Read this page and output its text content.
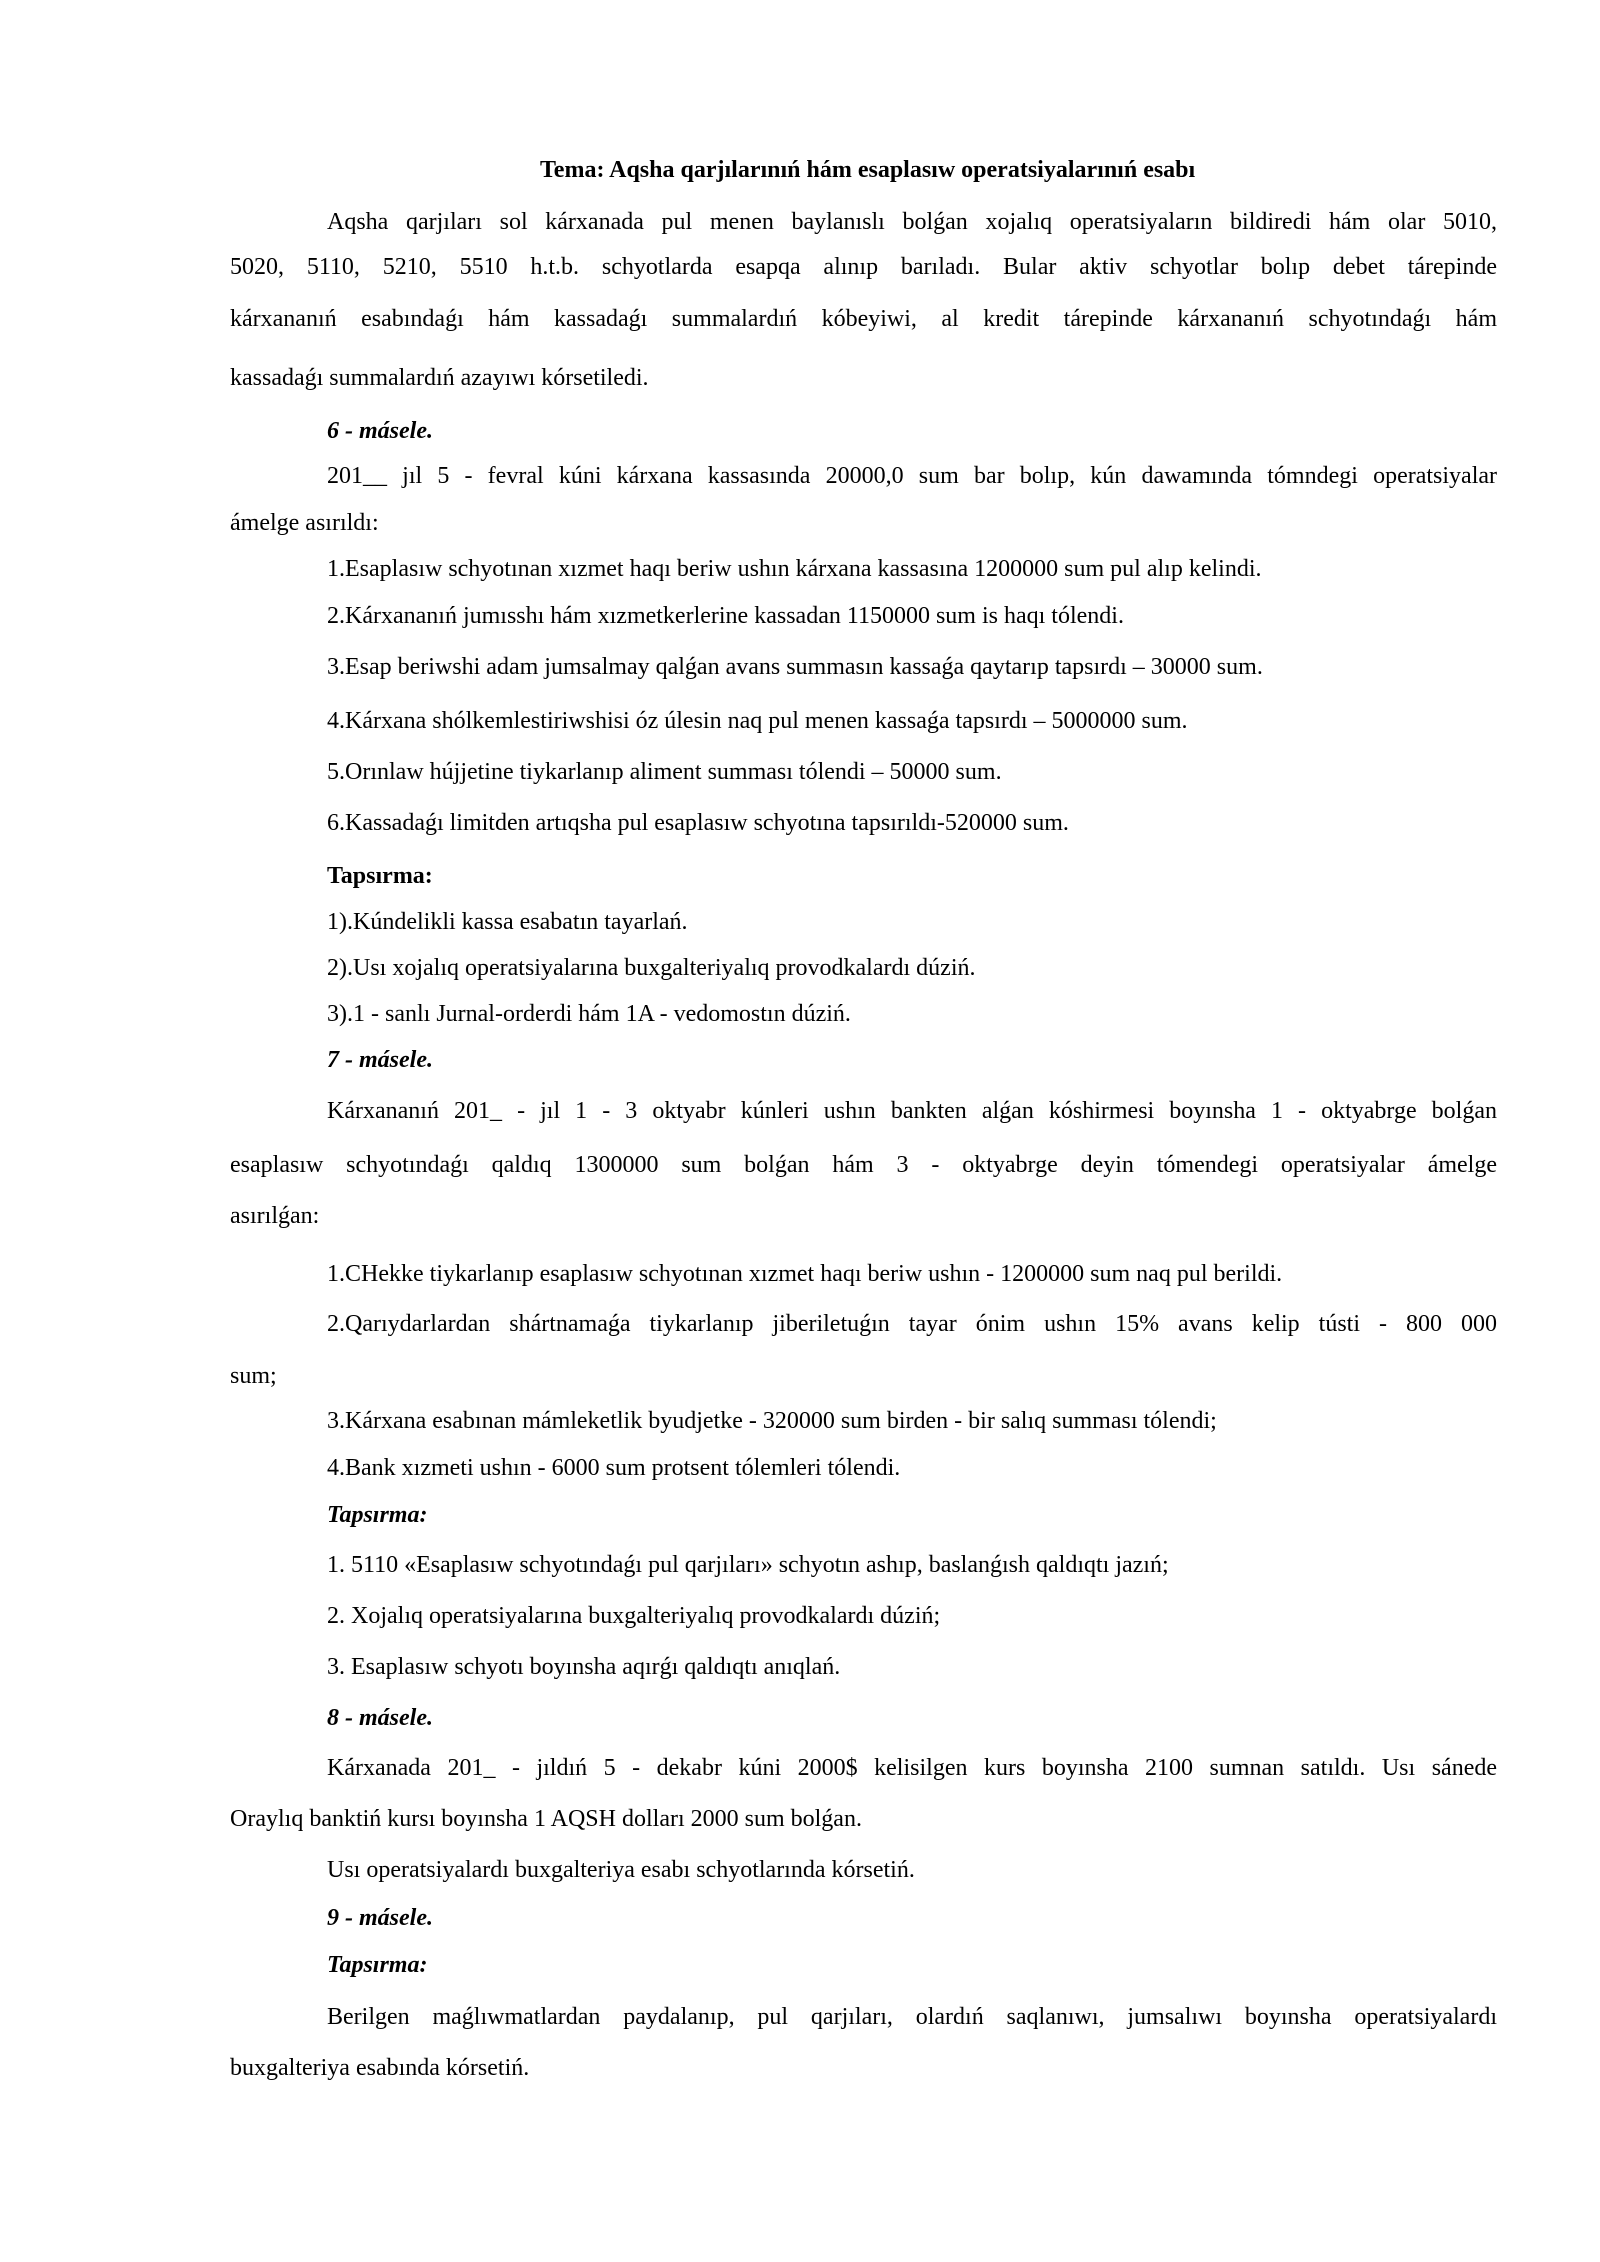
Tema: Aqsha qarjılarınıń hám esaplasıw operatsiyalarınıń esabı
Aqsha qarjıları sol kárxanada pul menen baylanıslı bolǵan xojalıq operatsiyaların bildiredi hám olar 5010,
5020, 5110, 5210, 5510 h.t.b. schyotlarda esapqa alınıp barıladı. Bular aktiv schyotlar bolıp debet tárepinde
kárxananıń esabındaǵı hám kassadaǵı summalardıń kóbeyiwi, al kredit tárepinde kárxananıń schyotındaǵı hám
kassadaǵı summalardıń azayıwı kórsetiledi.
6 - másele.
201__ jıl 5 - fevral kúni kárxana kassasında 20000,0 sum bar bolıp, kún dawamında tómndegi operatsiyalar
ámelge asırıldı:
1.Esaplasıw schyotınan xızmet haqı beriw ushın kárxana kassasına 1200000 sum pul alıp kelindi.
2.Kárxananıń jumısshı hám xızmetkerlerine kassadan 1150000 sum is haqı tólendi.
3.Esap beriwshi adam jumsalmay qalǵan avans summasın kassaǵa qaytarıp tapsırdı – 30000 sum.
4.Kárxana shólkemlestiriwshisi óz úlesin naq pul menen kassaǵa tapsırdı – 5000000 sum.
5.Orınlaw hújjetine tiykarlanıp aliment summası tólendi – 50000 sum.
6.Kassadaǵı limitden artıqsha pul esaplasıw schyotına tapsırıldı-520000 sum.
Tapsırma:
1).Kúndelikli kassa esabatın tayarlań.
2).Usı xojalıq operatsiyalarına buxgalteriyalıq provodkalardı dúziń.
3).1 - sanlı Jurnal-orderdi hám 1A - vedomostın dúziń.
7 - másele.
Kárxananıń 201_ - jıl 1 - 3 oktyabr kúnleri ushın bankten alǵan kóshirmesi boyınsha 1 - oktyabrge bolǵan
esaplasıw schyotındaǵı qaldıq 1300000 sum bolǵan hám 3 - oktyabrge deyin tómendegi operatsiyalar ámelge
asırılǵan:
1.CHekke tiykarlanıp esaplasıw schyotınan xızmet haqı beriw ushın - 1200000 sum naq pul berildi.
2.Qarıydarlardan shártnamaǵa tiykarlanıp jiberiletuǵın tayar ónim ushın 15% avans kelip tústi - 800 000
sum;
3.Kárxana esabınan mámleketlik byudjetke - 320000 sum birden - bir salıq summası tólendi;
4.Bank xızmeti ushın - 6000 sum protsent tólemleri tólendi.
Tapsırma:
1. 5110 «Esaplasıw schyotındaǵı pul qarjıları» schyotın ashıp, baslanǵısh qaldıqtı jazıń;
2. Xojalıq operatsiyalarına buxgalteriyalıq provodkalardı dúziń;
3. Esaplasıw schyotı boyınsha aqırǵı qaldıqtı anıqlań.
8 - másele.
Kárxanada 201_ - jıldıń 5 - dekabr kúni 2000$ kelisilgen kurs boyınsha 2100 sumnan satıldı. Usı sánede
Oraylıq banktiń kursı boyınsha 1 AQSH dolları 2000 sum bolǵan.
Usı operatsiyalardı buxgalteriya esabı schyotlarında kórsetiń.
9 - másele.
Tapsırma:
Berilgen maǵlıwmatlardan paydalanıp, pul qarjıları, olardıń saqlanıwı, jumsalıwı boyınsha operatsiyalardı
buxgalteriya esabında kórsetiń.
